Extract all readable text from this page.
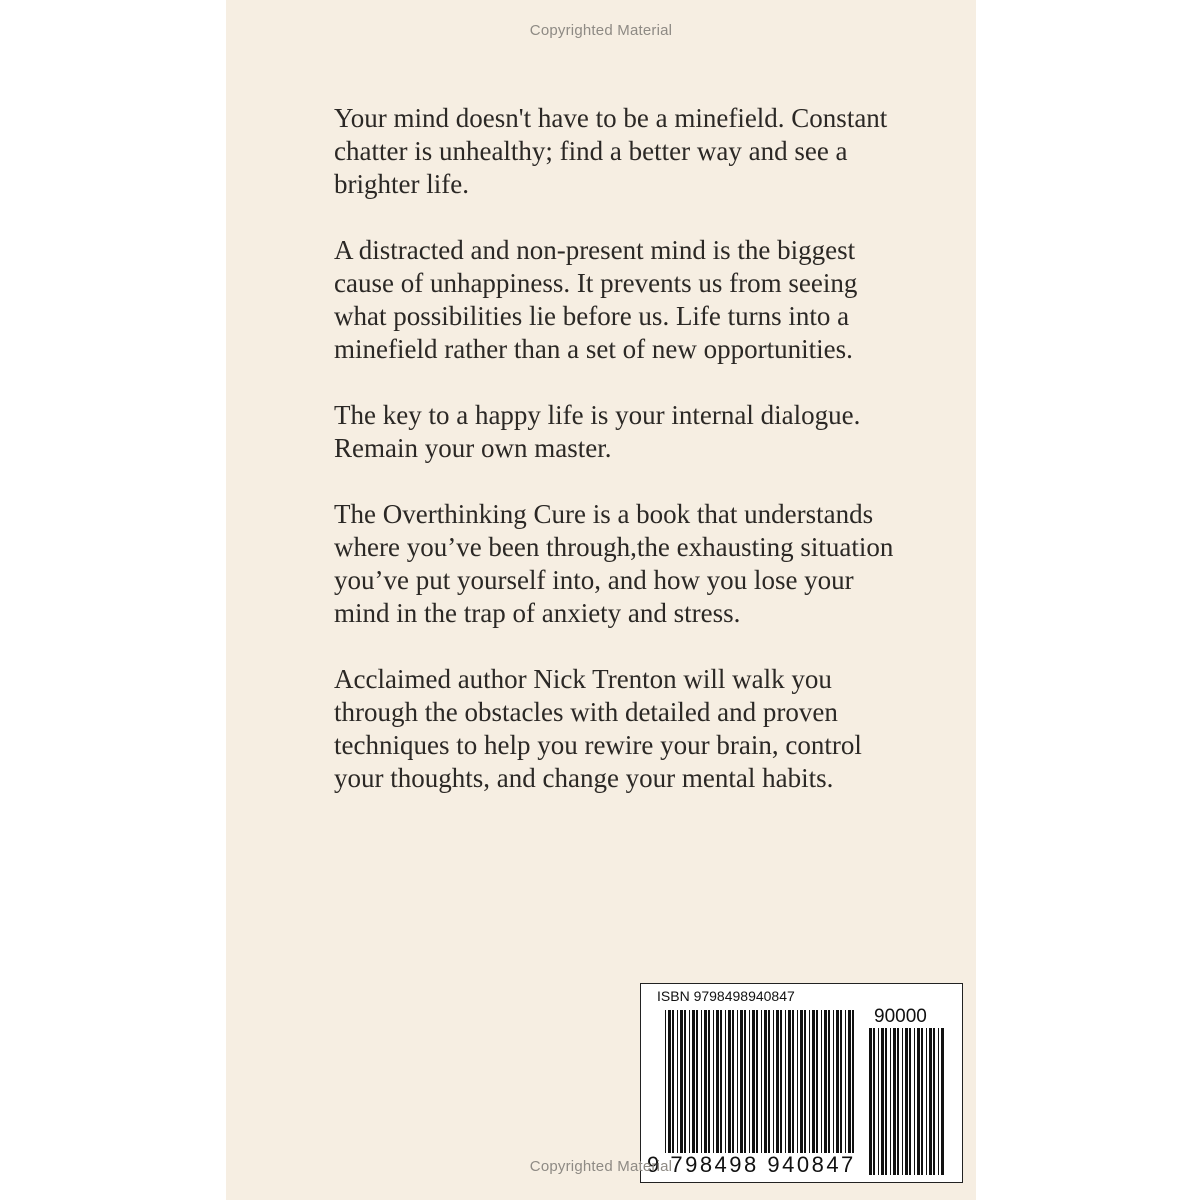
Copyrighted Material

Your mind doesn't have to be a minefield. Constant chatter is unhealthy; find a better way and see a brighter life.

A distracted and non-present mind is the biggest cause of unhappiness. It prevents us from seeing what possibilities lie before us. Life turns into a minefield rather than a set of new opportunities.

The key to a happy life is your internal dialogue. Remain your own master.

The Overthinking Cure is a book that understands where you’ve been through,the exhausting situation you’ve put yourself into, and how you lose your mind in the trap of anxiety and stress.

Acclaimed author Nick Trenton will walk you through the obstacles with detailed and proven techniques to help you rewire your brain, control your thoughts, and change your mental habits.

ISBN 9798498940847
90000
9 798498 940847
Copyrighted Material
